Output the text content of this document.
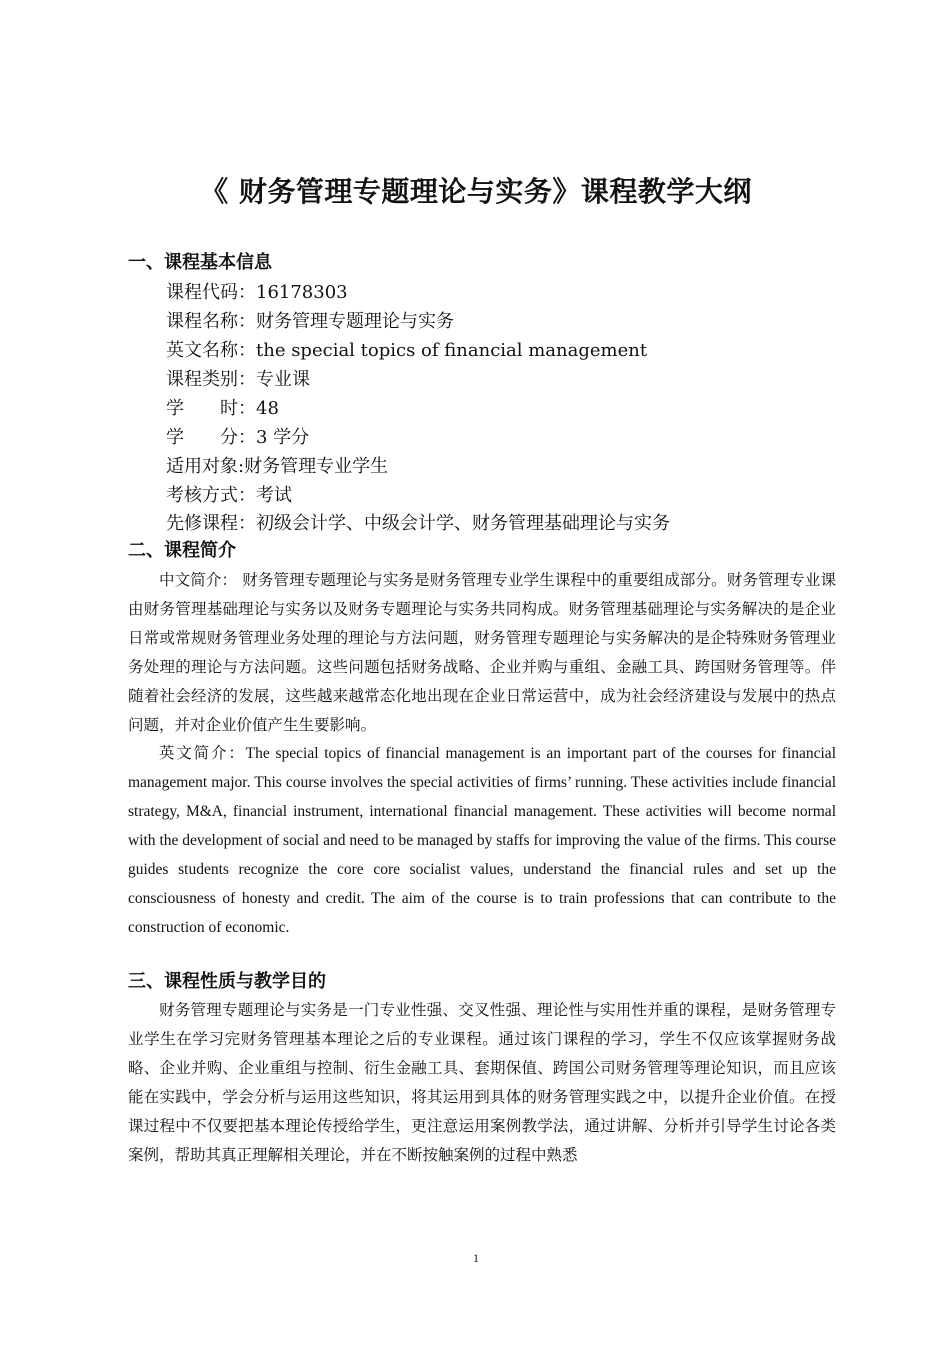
《 财务管理专题理论与实务》课程教学大纲
一、课程基本信息
课程代码：16178303
课程名称：财务管理专题理论与实务
英文名称：the special topics of financial management
课程类别：专业课
学　　时：48
学　　分：3 学分
适用对象:财务管理专业学生
考核方式：考试
先修课程：初级会计学、中级会计学、财务管理基础理论与实务
二、课程简介
中文简介： 财务管理专题理论与实务是财务管理专业学生课程中的重要组成部分。财务管理专业课由财务管理基础理论与实务以及财务专题理论与实务共同构成。财务管理基础理论与实务解决的是企业日常或常规财务管理业务处理的理论与方法问题，财务管理专题理论与实务解决的是企特殊财务管理业务处理的理论与方法问题。这些问题包括财务战略、企业并购与重组、金融工具、跨国财务管理等。伴随着社会经济的发展，这些越来越常态化地出现在企业日常运营中，成为社会经济建设与发展中的热点问题，并对企业价值产生生要影响。
英文简介：The special topics of financial management is an important part of the courses for financial management major. This course involves the special activities of firms’ running. These activities include financial strategy, M&A, financial instrument, international financial management. These activities will become normal with the development of social and need to be managed by staffs for improving the value of the firms. This course guides students recognize the core core socialist values, understand the financial rules and set up the consciousness of honesty and credit. The aim of the course is to train professions that can contribute to the construction of economic.
三、课程性质与教学目的
财务管理专题理论与实务是一门专业性强、交叉性强、理论性与实用性并重的课程，是财务管理专业学生在学习完财务管理基本理论之后的专业课程。通过该门课程的学习，学生不仅应该掌握财务战略、企业并购、企业重组与控制、衍生金融工具、套期保值、跨国公司财务管理等理论知识，而且应该能在实践中，学会分析与运用这些知识，将其运用到具体的财务管理实践之中，以提升企业价值。在授课过程中不仅要把基本理论传授给学生，更注意运用案例教学法，通过讲解、分析并引导学生讨论各类案例，帮助其真正理解相关理论，并在不断按触案例的过程中熟悉
1
